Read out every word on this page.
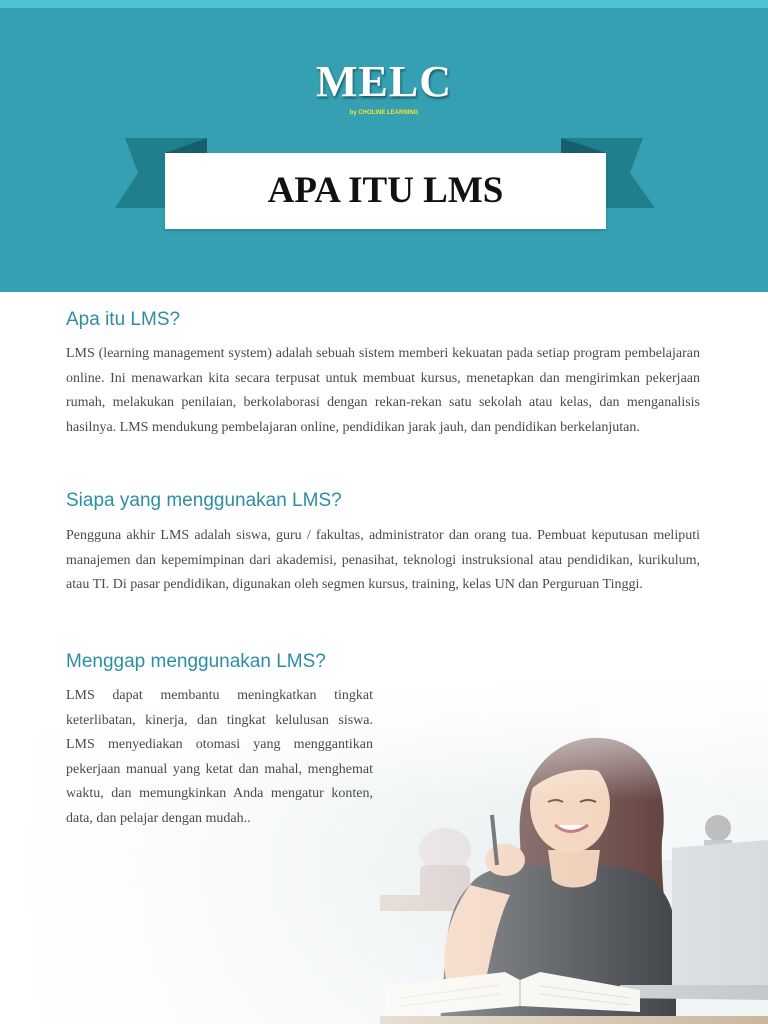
MELC
by CHOLINE LEARNING
APA ITU LMS
Apa itu LMS?
LMS (learning management system) adalah sebuah sistem memberi kekuatan pada setiap program pembelajaran online. Ini menawarkan kita secara terpusat untuk membuat kursus, menetapkan dan mengirimkan pekerjaan rumah, melakukan penilaian, berkolaborasi dengan rekan-rekan satu sekolah atau kelas, dan menganalisis hasilnya. LMS mendukung pembelajaran online, pendidikan jarak jauh, dan pendidikan berkelanjutan.
Siapa yang menggunakan LMS?
Pengguna akhir LMS adalah siswa, guru / fakultas, administrator dan orang tua. Pembuat keputusan meliputi manajemen dan kepemimpinan dari akademisi, penasihat, teknologi instruksional atau pendidikan, kurikulum, atau TI. Di pasar pendidikan, digunakan oleh segmen kursus, training, kelas UN dan Perguruan Tinggi.
Menggap menggunakan LMS?
LMS dapat membantu meningkatkan tingkat keterlibatan, kinerja, dan tingkat kelulusan siswa. LMS menyediakan otomasi yang menggantikan pekerjaan manual yang ketat dan mahal, menghemat waktu, dan memungkinkan Anda mengatur konten, data, dan pelajar dengan mudah..
